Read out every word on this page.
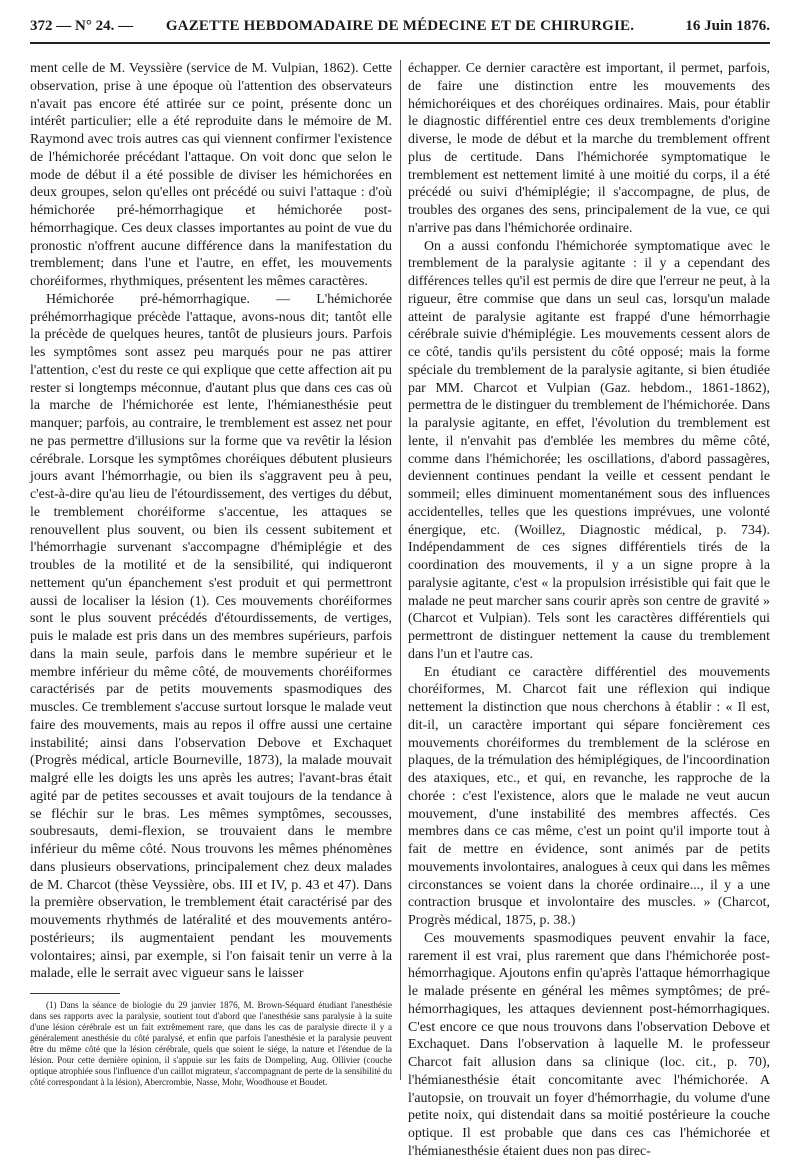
372 — N° 24. —	GAZETTE HEBDOMADAIRE DE MÉDECINE ET DE CHIRURGIE.	16 Juin 1876.

ment celle de M. Veyssière (service de M. Vulpian, 1862). Cette observation, prise à une époque où l'attention des observateurs n'avait pas encore été attirée sur ce point, présente donc un intérêt particulier; elle a été reproduite dans le mémoire de M. Raymond avec trois autres cas qui viennent confirmer l'existence de l'hémichorée précédant l'attaque. On voit donc que selon le mode de début il a été possible de diviser les hémichorées en deux groupes, selon qu'elles ont précédé ou suivi l'attaque : d'où hémichorée pré-hémorrhagique et hémichorée post-hémorrhagique. Ces deux classes importantes au point de vue du pronostic n'offrent aucune différence dans la manifestation du tremblement; dans l'une et l'autre, en effet, les mouvements choréiformes, rhythmiques, présentent les mêmes caractères.

Hémichorée pré-hémorrhagique. — L'hémichorée préhémorrhagique précède l'attaque, avons-nous dit; tantôt elle la précède de quelques heures, tantôt de plusieurs jours. Parfois les symptômes sont assez peu marqués pour ne pas attirer l'attention, c'est du reste ce qui explique que cette affection ait pu rester si longtemps méconnue, d'autant plus que dans ces cas où la marche de l'hémichorée est lente, l'hémianesthésie peut manquer; parfois, au contraire, le tremblement est assez net pour ne pas permettre d'illusions sur la forme que va revêtir la lésion cérébrale. Lorsque les symptômes choréiques débutent plusieurs jours avant l'hémorrhagie, ou bien ils s'aggravent peu à peu, c'est-à-dire qu'au lieu de l'étourdissement, des vertiges du début, le tremblement choréiforme s'accentue, les attaques se renouvellent plus souvent, ou bien ils cessent subitement et l'hémorrhagie survenant s'accompagne d'hémiplégie et des troubles de la motilité et de la sensibilité, qui indiqueront nettement qu'un épanchement s'est produit et qui permettront aussi de localiser la lésion (1). Ces mouvements choréiformes sont le plus souvent précédés d'étourdissements, de vertiges, puis le malade est pris dans un des membres supérieurs, parfois dans la main seule, parfois dans le membre supérieur et le membre inférieur du même côté, de mouvements choréiformes caractérisés par de petits mouvements spasmodiques des muscles. Ce tremblement s'accuse surtout lorsque le malade veut faire des mouvements, mais au repos il offre aussi une certaine instabilité; ainsi dans l'observation Debove et Exchaquet (Progrès médical, article Bourneville, 1873), la malade mouvait malgré elle les doigts les uns après les autres; l'avant-bras était agité par de petites secousses et avait toujours de la tendance à se fléchir sur le bras. Les mêmes symptômes, secousses, soubresauts, demi-flexion, se trouvaient dans le membre inférieur du même côté. Nous trouvons les mêmes phénomènes dans plusieurs observations, principalement chez deux malades de M. Charcot (thèse Veyssière, obs. III et IV, p. 43 et 47). Dans la première observation, le tremblement était caractérisé par des mouvements rhythmés de latéralité et des mouvements antéro-postérieurs; ils augmentaient pendant les mouvements volontaires; ainsi, par exemple, si l'on faisait tenir un verre à la malade, elle le serrait avec vigueur sans le laisser

(1) Dans la séance de biologie du 29 janvier 1876, M. Brown-Séquard étudiant l'anesthésie dans ses rapports avec la paralysie, soutient tout d'abord que l'anesthésie sans paralysie à la suite d'une lésion cérébrale est un fait extrêmement rare, que dans les cas de paralysie directe il y a généralement anesthésie du côté paralysé, et enfin que parfois l'anesthésie et la paralysie peuvent être du même côté que la lésion cérébrale, quels que soient le siége, la nature et l'étendue de la lésion. Pour cette dernière opinion, il s'appuie sur les faits de Dompeling, Aug. Ollivier (couche optique atrophiée sous l'influence d'un caillot migrateur, s'accompagnant de perte de la sensibilité du côté correspondant à la lésion), Abercrombie, Nasse, Mohr, Woodhouse et Boudet.

échapper. Ce dernier caractère est important, il permet, parfois, de faire une distinction entre les mouvements des hémichoréiques et des choréiques ordinaires. Mais, pour établir le diagnostic différentiel entre ces deux tremblements d'origine diverse, le mode de début et la marche du tremblement offrent plus de certitude. Dans l'hémichorée symptomatique le tremblement est nettement limité à une moitié du corps, il a été précédé ou suivi d'hémiplégie; il s'accompagne, de plus, de troubles des organes des sens, principalement de la vue, ce qui n'arrive pas dans l'hémichorée ordinaire.

On a aussi confondu l'hémichorée symptomatique avec le tremblement de la paralysie agitante : il y a cependant des différences telles qu'il est permis de dire que l'erreur ne peut, à la rigueur, être commise que dans un seul cas, lorsqu'un malade atteint de paralysie agitante est frappé d'une hémorrhagie cérébrale suivie d'hémiplégie. Les mouvements cessent alors de ce côté, tandis qu'ils persistent du côté opposé; mais la forme spéciale du tremblement de la paralysie agitante, si bien étudiée par MM. Charcot et Vulpian (Gaz. hebdom., 1861-1862), permettra de le distinguer du tremblement de l'hémichorée. Dans la paralysie agitante, en effet, l'évolution du tremblement est lente, il n'envahit pas d'emblée les membres du même côté, comme dans l'hémichorée; les oscillations, d'abord passagères, deviennent continues pendant la veille et cessent pendant le sommeil; elles diminuent momentanément sous des influences accidentelles, telles que les questions imprévues, une volonté énergique, etc. (Woillez, Diagnostic médical, p. 734). Indépendamment de ces signes différentiels tirés de la coordination des mouvements, il y a un signe propre à la paralysie agitante, c'est « la propulsion irrésistible qui fait que le malade ne peut marcher sans courir après son centre de gravité » (Charcot et Vulpian). Tels sont les caractères différentiels qui permettront de distinguer nettement la cause du tremblement dans l'un et l'autre cas.

En étudiant ce caractère différentiel des mouvements choréiformes, M. Charcot fait une réflexion qui indique nettement la distinction que nous cherchons à établir : « Il est, dit-il, un caractère important qui sépare foncièrement ces mouvements choréiformes du tremblement de la sclérose en plaques, de la trémulation des hémiplégiques, de l'incoordination des ataxiques, etc., et qui, en revanche, les rapproche de la chorée : c'est l'existence, alors que le malade ne veut aucun mouvement, d'une instabilité des membres affectés. Ces membres dans ce cas même, c'est un point qu'il importe tout à fait de mettre en évidence, sont animés par de petits mouvements involontaires, analogues à ceux qui dans les mêmes circonstances se voient dans la chorée ordinaire..., il y a une contraction brusque et involontaire des muscles. » (Charcot, Progrès médical, 1875, p. 38.)

Ces mouvements spasmodiques peuvent envahir la face, rarement il est vrai, plus rarement que dans l'hémichorée post-hémorrhagique. Ajoutons enfin qu'après l'attaque hémorrhagique le malade présente en général les mêmes symptômes; de pré-hémorrhagiques, les attaques deviennent post-hémorrhagiques. C'est encore ce que nous trouvons dans l'observation Debove et Exchaquet. Dans l'observation à laquelle M. le professeur Charcot fait allusion dans sa clinique (loc. cit., p. 70), l'hémianesthésie était concomitante avec l'hémichorée. A l'autopsie, on trouvait un foyer d'hémorrhagie, du volume d'une petite noix, qui distendait dans sa moitié postérieure la couche optique. Il est probable que dans ces cas l'hémichorée et l'hémianesthésie étaient dues non pas direc-
